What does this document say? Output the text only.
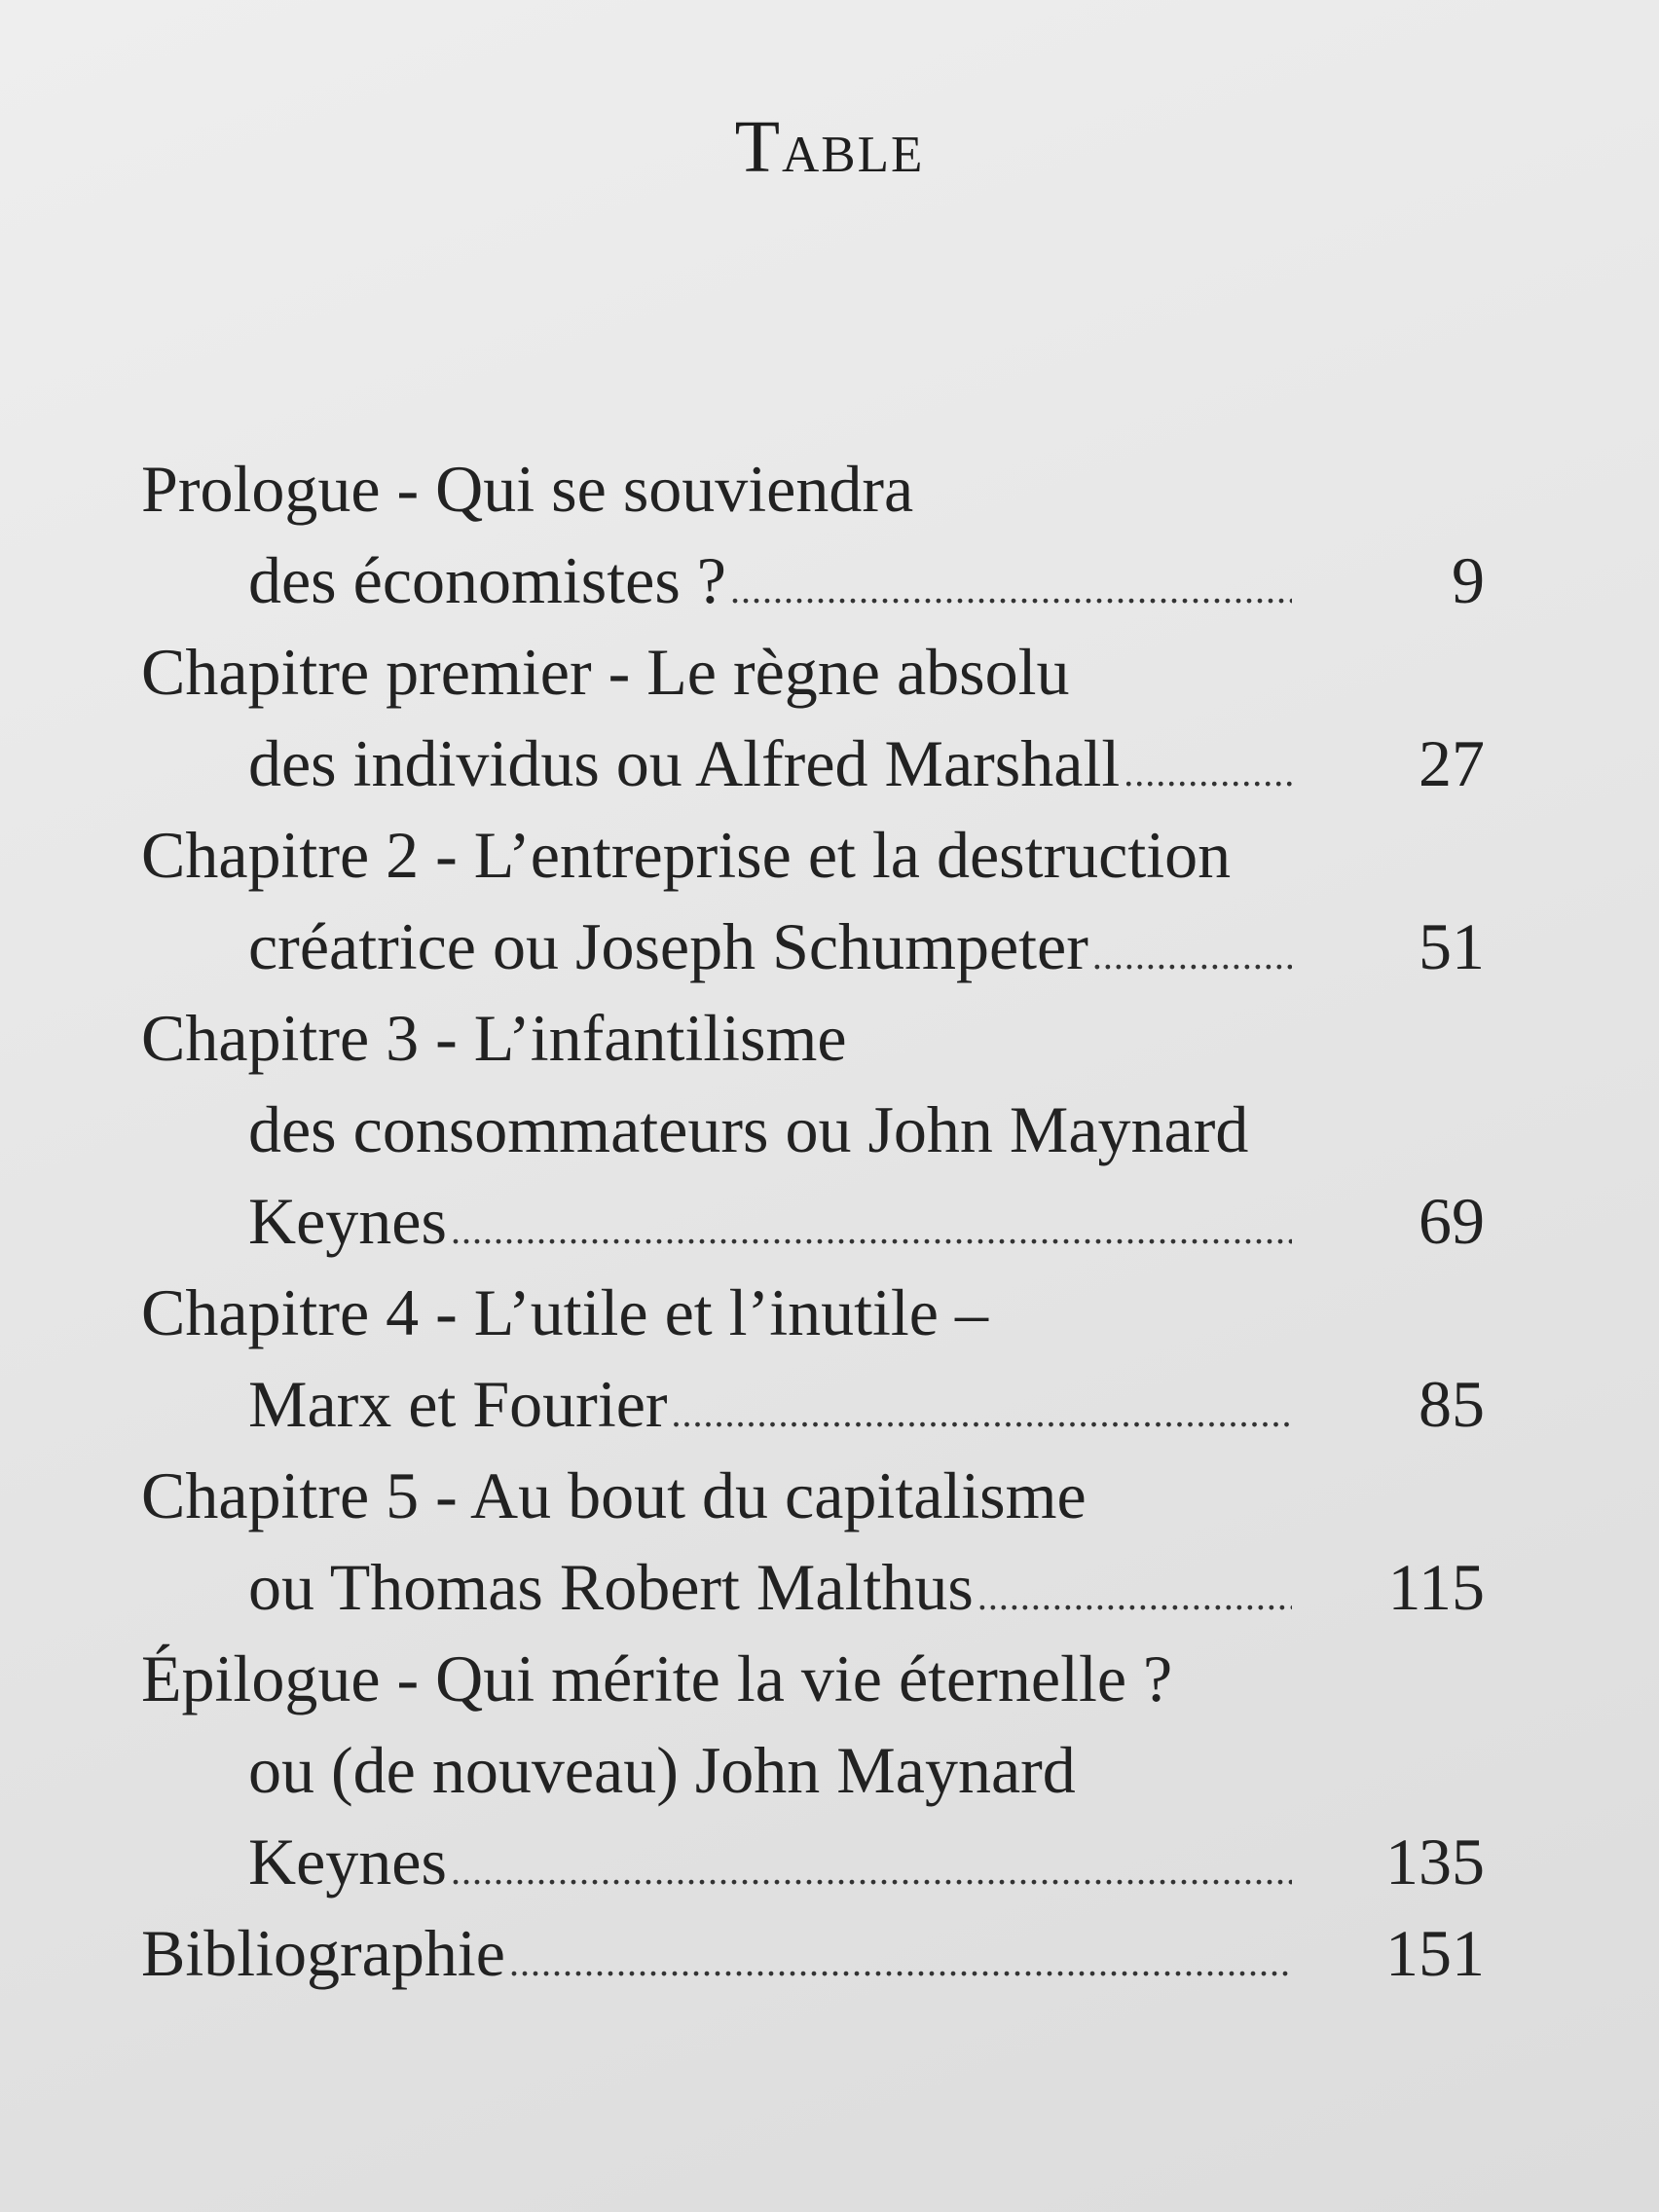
Table
Prologue - Qui se souviendra
des économistes ? .....	9
Chapitre premier - Le règne absolu
des individus ou Alfred Marshall .....	27
Chapitre 2 - L’entreprise et la destruction
créatrice ou Joseph Schumpeter .....	51
Chapitre 3 - L’infantilisme
des consommateurs ou John Maynard
Keynes .....	69
Chapitre 4 - L’utile et l’inutile –
Marx et Fourier .....	85
Chapitre 5 - Au bout du capitalisme
ou Thomas Robert Malthus .....	115
Épilogue - Qui mérite la vie éternelle ?
ou (de nouveau) John Maynard
Keynes .....	135
Bibliographie .....	151
